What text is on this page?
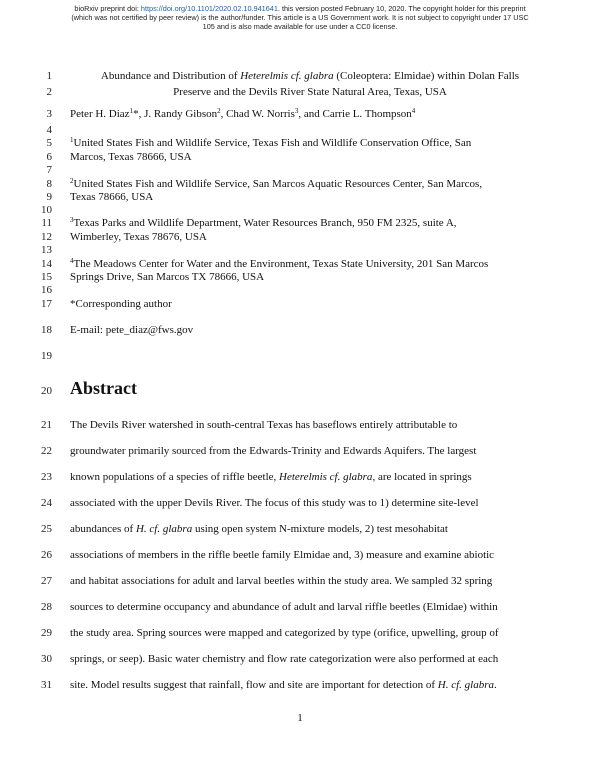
bioRxiv preprint doi: https://doi.org/10.1101/2020.02.10.941641. this version posted February 10, 2020. The copyright holder for this preprint
(which was not certified by peer review) is the author/funder. This article is a US Government work. It is not subject to copyright under 17 USC
105 and is also made available for use under a CC0 license.
1
2
3
4
5
6
7
8
9
10
11
12
13
14
15
16
17
18
19
20
21
22
23
24
25
26
27
28
29
30
31
Abundance and Distribution of Heterelmis cf. glabra (Coleoptera: Elmidae) within Dolan Falls
Preserve and the Devils River State Natural Area, Texas, USA
Peter H. Diaz$^1$*, J. Randy Gibson$^2$, Chad W. Norris$^3$, and Carrie L. Thompson$^4$
$^1$United States Fish and Wildlife Service, Texas Fish and Wildlife Conservation Office, San
Marcos, Texas 78666, USA
$^2$United States Fish and Wildlife Service, San Marcos Aquatic Resources Center, San Marcos,
Texas 78666, USA
$^3$Texas Parks and Wildlife Department, Water Resources Branch, 950 FM 2325, suite A,
Wimberley, Texas 78676, USA
$^4$The Meadows Center for Water and the Environment, Texas State University, 201 San Marcos
Springs Drive, San Marcos TX 78666, USA
*Corresponding author
E-mail: pete_diaz@fws.gov
Abstract
The Devils River watershed in south-central Texas has baseflows entirely attributable to
groundwater primarily sourced from the Edwards-Trinity and Edwards Aquifers. The largest
known populations of a species of riffle beetle, Heterelmis cf. glabra, are located in springs
associated with the upper Devils River. The focus of this study was to 1) determine site-level
abundances of H. cf. glabra using open system N-mixture models, 2) test mesohabitat
associations of members in the riffle beetle family Elmidae and, 3) measure and examine abiotic
and habitat associations for adult and larval beetles within the study area. We sampled 32 spring
sources to determine occupancy and abundance of adult and larval riffle beetles (Elmidae) within
the study area. Spring sources were mapped and categorized by type (orifice, upwelling, group of
springs, or seep). Basic water chemistry and flow rate categorization were also performed at each
site. Model results suggest that rainfall, flow and site are important for detection of H. cf. glabra.
1
